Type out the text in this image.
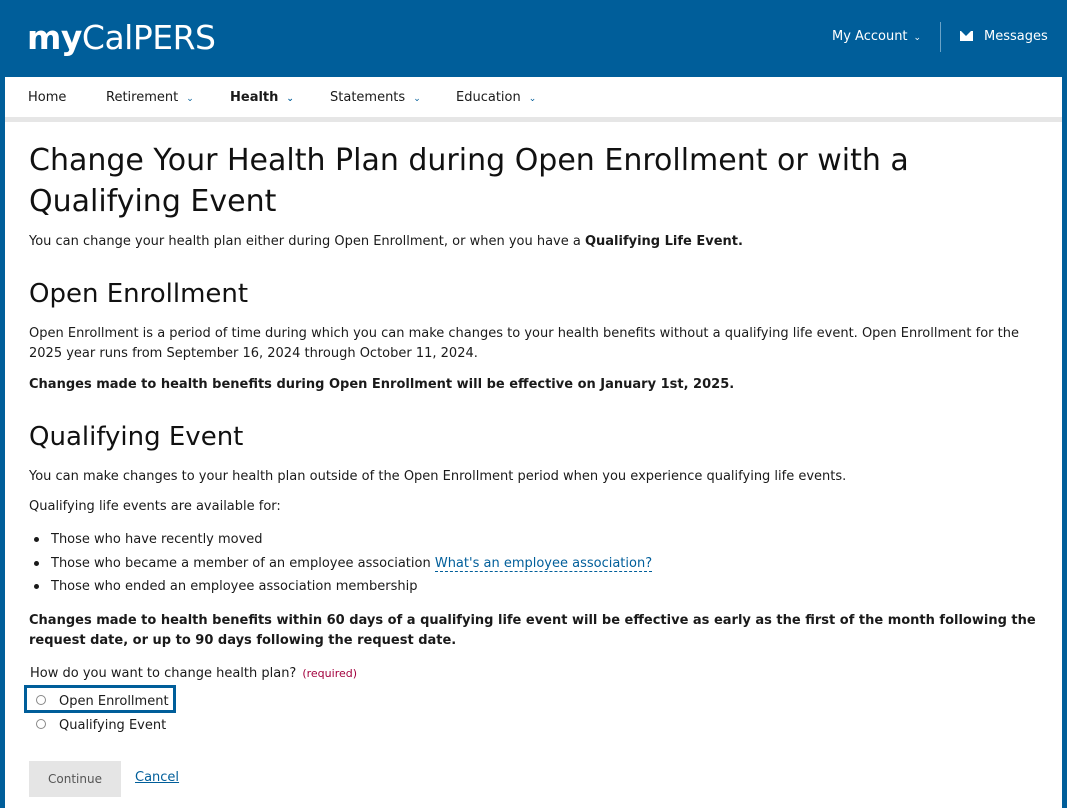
myCalPERS	My Account ⌄	Messages
Home	Retirement ⌄	Health ⌄	Statements ⌄	Education ⌄
Change Your Health Plan during Open Enrollment or with a Qualifying Event

You can change your health plan either during Open Enrollment, or when you have a Qualifying Life Event.

Open Enrollment

Open Enrollment is a period of time during which you can make changes to your health benefits without a qualifying life event. Open Enrollment for the 2025 year runs from September 16, 2024 through October 11, 2024.

Changes made to health benefits during Open Enrollment will be effective on January 1st, 2025.

Qualifying Event

You can make changes to your health plan outside of the Open Enrollment period when you experience qualifying life events.

Qualifying life events are available for:

Those who have recently moved
Those who became a member of an employee association What's an employee association?
Those who ended an employee association membership

Changes made to health benefits within 60 days of a qualifying life event will be effective as early as the first of the month following the request date, or up to 90 days following the request date.

How do you want to change health plan? (required)
Open Enrollment
Qualifying Event
Continue	Cancel
